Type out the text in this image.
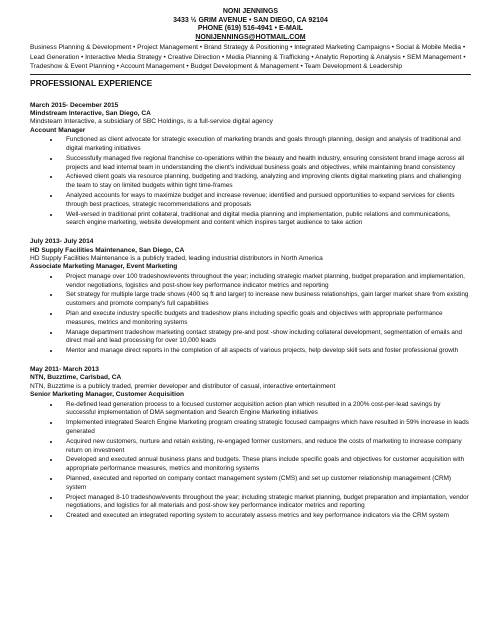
NONI JENNINGS
3433 ½ GRIM AVENUE • SAN DIEGO, CA 92104
PHONE (619) 516-4941 • E-MAIL
NONIJENNINGS@HOTMAIL.COM
Business Planning & Development • Project Management • Brand Strategy & Positioning • Integrated Marketing Campaigns • Social & Mobile Media • Lead Generation • Interactive Media Strategy • Creative Direction • Media Planning & Trafficking • Analytic Reporting & Analysis • SEM Management • Tradeshow & Event Planning • Account Management • Budget Development & Management • Team Development & Leadership
PROFESSIONAL EXPERIENCE
March 2015- December 2015
Mindstream Interactive, San Diego, CA
Mindsteam Interactive, a subsidiary of SBC Holdings, is a full-service digital agency
Account Manager
• Functioned as client advocate for strategic execution of marketing brands and goals through planning, design and analysis of traditional and digital marketing initiatives
• Successfully managed five regional franchise co-operations within the beauty and health industry, ensuring consistent brand image across all projects and lead internal team in understanding the client's individual business goals and objectives, while maintaining brand consistency
• Achieved client goals via resource planning, budgeting and tracking, analyzing and improving clients digital marketing plans and challenging the team to stay on limited budgets within tight time-frames
• Analyzed accounts for ways to maximize budget and increase revenue; identified and pursued opportunities to expand services for clients through best practices, strategic recommendations and proposals
• Well-versed in traditional print collateral, traditional and digital media planning and implementation, public relations and communications, search engine marketing, website development and content which inspires target audience to take action
July 2013- July 2014
HD Supply Facilities Maintenance, San Diego, CA
HD Supply Facilities Maintenance is a publicly traded, leading industrial distributors in North America
Associate Marketing Manager, Event Marketing
• Project manage over 100 tradeshow/events throughout the year; including strategic market planning, budget preparation and implementation, vendor negotiations, logistics and post-show key performance indicator metrics and reporting
• Set strategy for multiple large trade shows (400 sq ft and larger) to increase new business relationships, gain larger market share from existing customers and promote company's full capabilities
• Plan and execute industry specific budgets and tradeshow plans including specific goals and objectives with appropriate performance measures, metrics and monitoring systems
• Manage department tradeshow marketing contact strategy pre-and post -show including collateral development, segmentation of emails and direct mail and lead processing for over 10,000 leads
• Mentor and manage direct reports in the completion of all aspects of various projects, help develop skill sets and foster professional growth
May 2011- March 2013
NTN, Buzztime, Carlsbad, CA
NTN, Buzztime is a publicly traded, premier developer and distributor of casual, interactive entertainment
Senior Marketing Manager, Customer Acquisition
• Re-defined lead generation process to a focused customer acquisition action plan which resulted in a 200% cost-per-lead savings by successful implementation of DMA segmentation and Search Engine Marketing initiatives
• Implemented integrated Search Engine Marketing program creating strategic focused campaigns which have resulted in 59% increase in leads generated
• Acquired new customers, nurture and retain existing, re-engaged former customers, and reduce the costs of marketing to increase company return on investment
• Developed and executed annual business plans and budgets. These plans include specific goals and objectives for customer acquisition with appropriate performance measures, metrics and monitoring systems
• Planned, executed and reported on company contact management system (CMS) and set up customer relationship management (CRM) system
• Project managed 8-10 tradeshow/events throughout the year; including strategic market planning, budget preparation and implantation, vendor negotiations, and logistics for all materials and post-show key performance indicator metrics and reporting
• Created and executed an integrated reporting system to accurately assess metrics and key performance indicators via the CRM system
